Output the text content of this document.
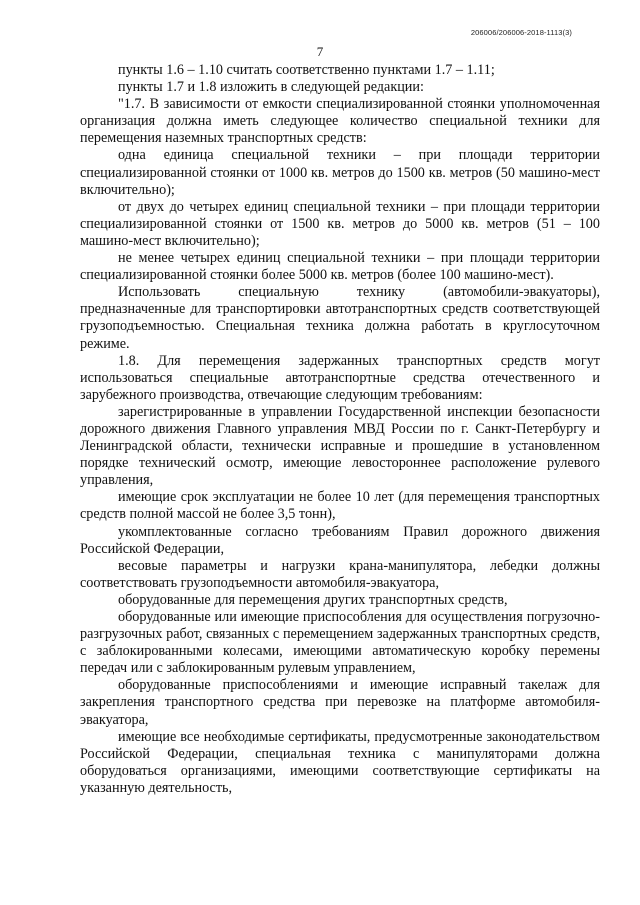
206006/206006-2018-1113(3)
7

пункты 1.6 – 1.10 считать соответственно пунктами 1.7 – 1.11;

пункты 1.7 и 1.8 изложить в следующей редакции:

"1.7. В зависимости от емкости специализированной стоянки уполномоченная организация должна иметь следующее количество специальной техники для перемещения наземных транспортных средств:

одна единица специальной техники – при площади территории специализированной стоянки от 1000 кв. метров до 1500 кв. метров (50 машино-мест включительно);

от двух до четырех единиц специальной техники – при площади территории специализированной стоянки от 1500 кв. метров до 5000 кв. метров (51 – 100 машино-мест включительно);

не менее четырех единиц специальной техники – при площади территории специализированной стоянки более 5000 кв. метров (более 100 машино-мест).

Использовать специальную технику (автомобили-эвакуаторы), предназначенные для транспортировки автотранспортных средств соответствующей грузоподъемностью. Специальная техника должна работать в круглосуточном режиме.

1.8. Для перемещения задержанных транспортных средств могут использоваться специальные автотранспортные средства отечественного и зарубежного производства, отвечающие следующим требованиям:

зарегистрированные в управлении Государственной инспекции безопасности дорожного движения Главного управления МВД России по г. Санкт-Петербургу и Ленинградской области, технически исправные и прошедшие в установленном порядке технический осмотр, имеющие левостороннее расположение рулевого управления,

имеющие срок эксплуатации не более 10 лет (для перемещения транспортных средств полной массой не более 3,5 тонн),

укомплектованные согласно требованиям Правил дорожного движения Российской Федерации,

весовые параметры и нагрузки крана-манипулятора, лебедки должны соответствовать грузоподъемности автомобиля-эвакуатора,

оборудованные для перемещения других транспортных средств,

оборудованные или имеющие приспособления для осуществления погрузочно-разгрузочных работ, связанных с перемещением задержанных транспортных средств, с заблокированными колесами, имеющими автоматическую коробку перемены передач или с заблокированным рулевым управлением,

оборудованные приспособлениями и имеющие исправный такелаж для закрепления транспортного средства при перевозке на платформе автомобиля-эвакуатора,

имеющие все необходимые сертификаты, предусмотренные законодательством Российской Федерации, специальная техника с манипуляторами должна оборудоваться организациями, имеющими соответствующие сертификаты на указанную деятельность,
